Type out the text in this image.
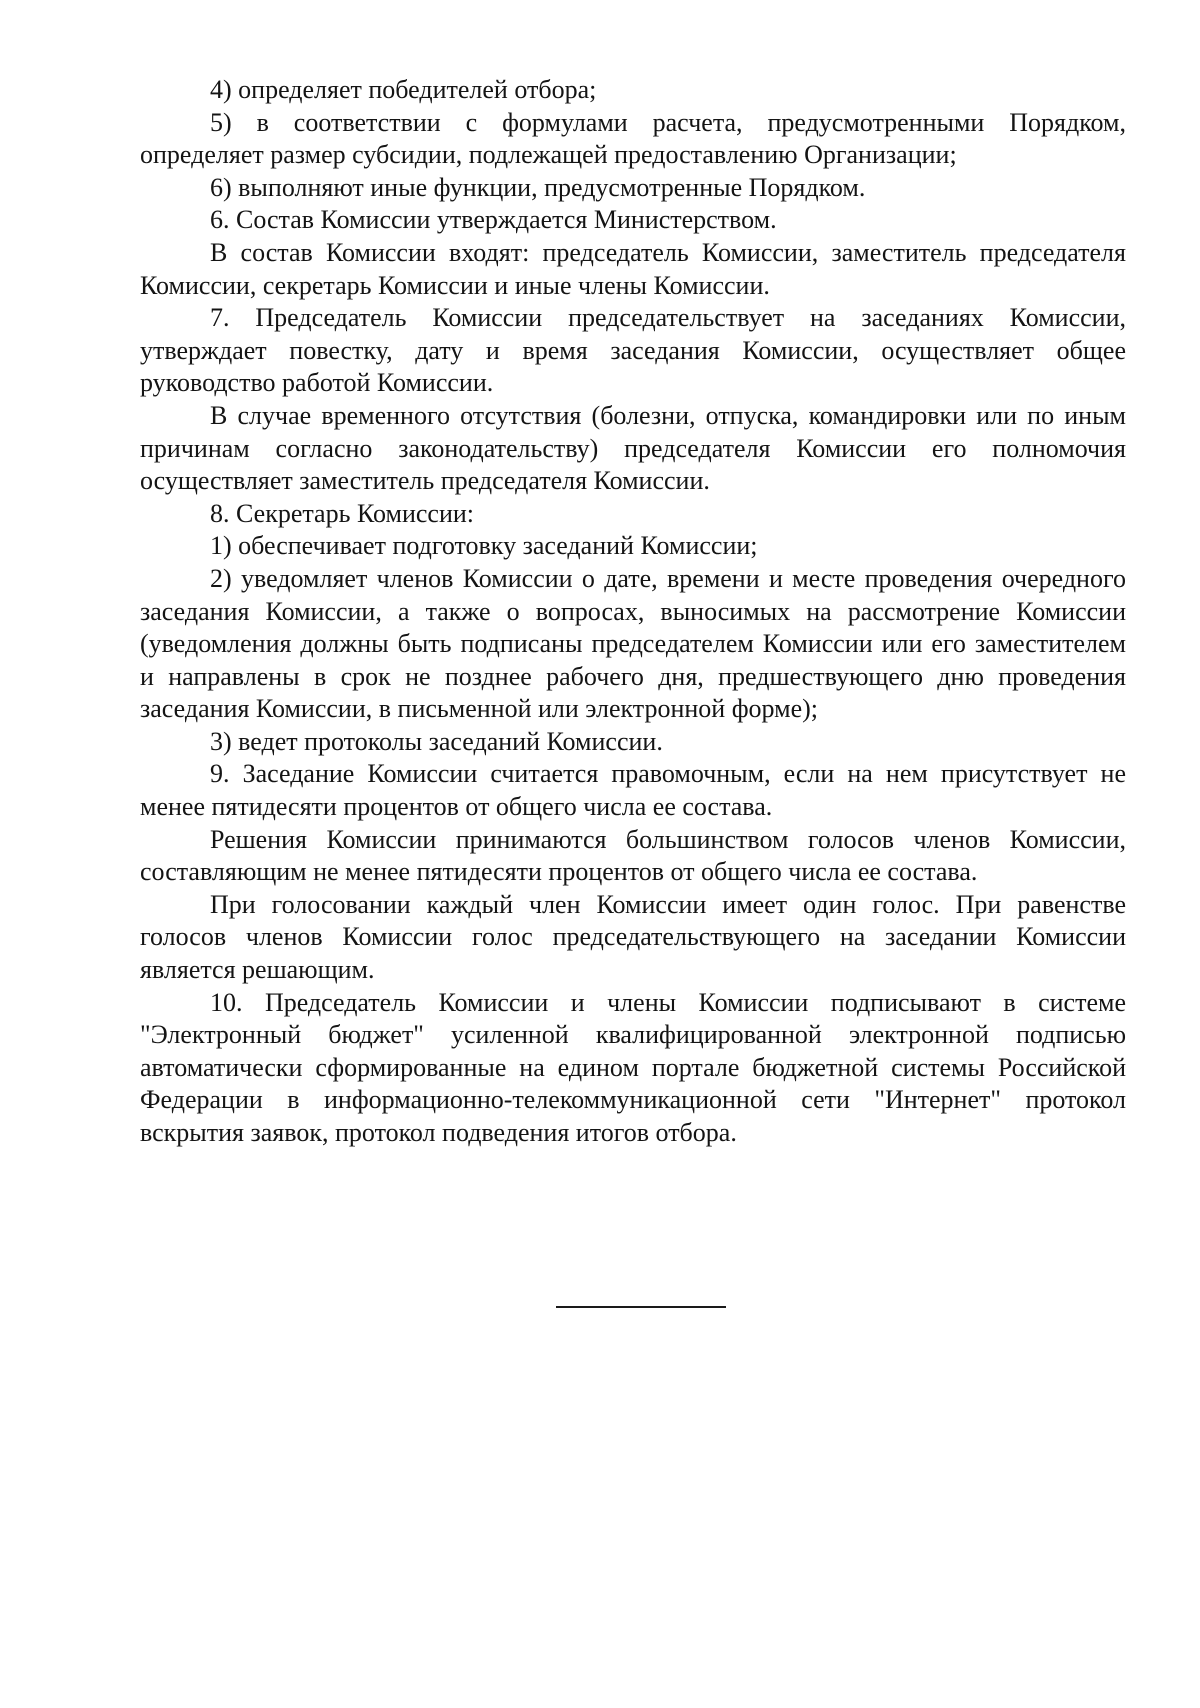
4) определяет победителей отбора;

5) в соответствии с формулами расчета, предусмотренными Порядком, определяет размер субсидии, подлежащей предоставлению Организации;

6) выполняют иные функции, предусмотренные Порядком.

6. Состав Комиссии утверждается Министерством.

В состав Комиссии входят: председатель Комиссии, заместитель председателя Комиссии, секретарь Комиссии и иные члены Комиссии.

7. Председатель Комиссии председательствует на заседаниях Комиссии, утверждает повестку, дату и время заседания Комиссии, осуществляет общее руководство работой Комиссии.

В случае временного отсутствия (болезни, отпуска, командировки или по иным причинам согласно законодательству) председателя Комиссии его полномочия осуществляет заместитель председателя Комиссии.

8. Секретарь Комиссии:

1) обеспечивает подготовку заседаний Комиссии;

2) уведомляет членов Комиссии о дате, времени и месте проведения очередного заседания Комиссии, а также о вопросах, выносимых на рассмотрение Комиссии (уведомления должны быть подписаны председателем Комиссии или его заместителем и направлены в срок не позднее рабочего дня, предшествующего дню проведения заседания Комиссии, в письменной или электронной форме);

3) ведет протоколы заседаний Комиссии.

9. Заседание Комиссии считается правомочным, если на нем присутствует не менее пятидесяти процентов от общего числа ее состава.

Решения Комиссии принимаются большинством голосов членов Комиссии, составляющим не менее пятидесяти процентов от общего числа ее состава.

При голосовании каждый член Комиссии имеет один голос. При равенстве голосов членов Комиссии голос председательствующего на заседании Комиссии является решающим.

10. Председатель Комиссии и члены Комиссии подписывают в системе "Электронный бюджет" усиленной квалифицированной электронной подписью автоматически сформированные на едином портале бюджетной системы Российской Федерации в информационно-телекоммуникационной сети "Интернет" протокол вскрытия заявок, протокол подведения итогов отбора.
